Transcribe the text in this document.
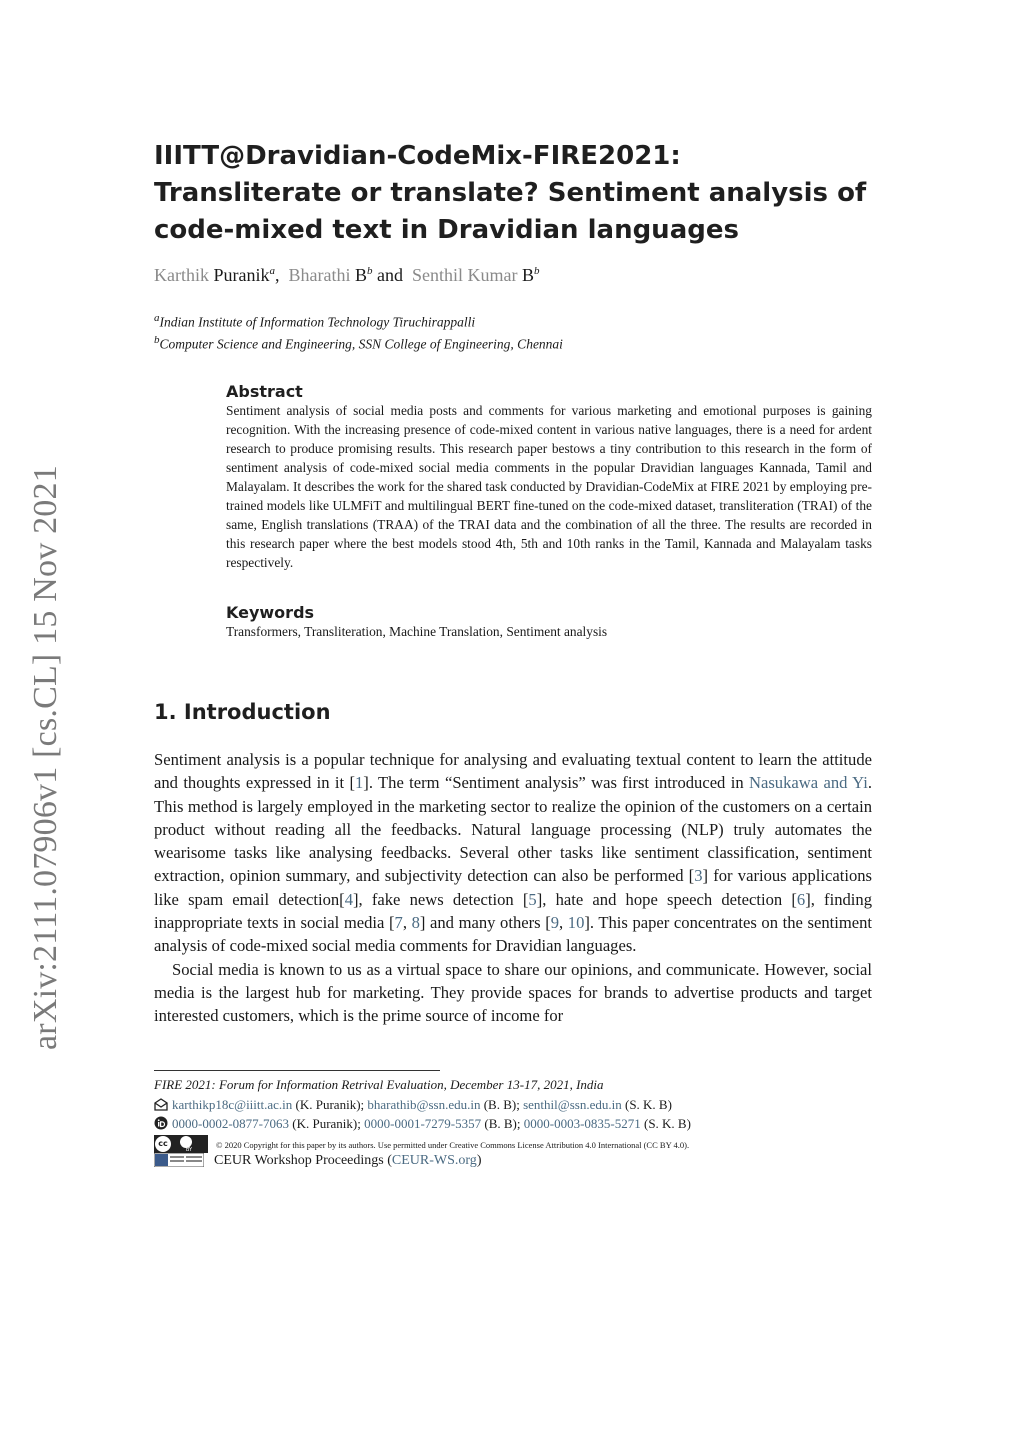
arXiv:2111.07906v1 [cs.CL] 15 Nov 2021
IIITT@Dravidian-CodeMix-FIRE2021: Transliterate or translate? Sentiment analysis of code-mixed text in Dravidian languages
Karthik Puranik$^a$,  Bharathi $B^b$ and Senthil Kumar $B^b$
$^a$Indian Institute of Information Technology Tiruchirappalli
$^b$Computer Science and Engineering, SSN College of Engineering, Chennai
Abstract

Sentiment analysis of social media posts and comments for various marketing and emotional purposes is gaining recognition. With the increasing presence of code-mixed content in various native languages, there is a need for ardent research to produce promising results. This research paper bestows a tiny contribution to this research in the form of sentiment analysis of code-mixed social media comments in the popular Dravidian languages Kannada, Tamil and Malayalam. It describes the work for the shared task conducted by Dravidian-CodeMix at FIRE 2021 by employing pre-trained models like ULMFiT and multilingual BERT fine-tuned on the code-mixed dataset, transliteration (TRAI) of the same, English translations (TRAA) of the TRAI data and the combination of all the three. The results are recorded in this research paper where the best models stood 4th, 5th and 10th ranks in the Tamil, Kannada and Malayalam tasks respectively.

Keywords

Transformers, Transliteration, Machine Translation, Sentiment analysis

1. Introduction

Sentiment analysis is a popular technique for analysing and evaluating textual content to learn the attitude and thoughts expressed in it [1]. The term “Sentiment analysis” was first introduced in Nasukawa and Yi. This method is largely employed in the marketing sector to realize the opinion of the customers on a certain product without reading all the feedbacks. Natural language processing (NLP) truly automates the wearisome tasks like analysing feedbacks. Several other tasks like sentiment classification, sentiment extraction, opinion summary, and subjectivity detection can also be performed [3] for various applications like spam email detection[4], fake news detection [5], hate and hope speech detection [6], finding inappropriate texts in social media [7, 8] and many others [9, 10]. This paper concentrates on the sentiment analysis of code-mixed social media comments for Dravidian languages.

Social media is known to us as a virtual space to share our opinions, and communicate. However, social media is the largest hub for marketing. They provide spaces for brands to advertise products and target interested customers, which is the prime source of income for

FIRE 2021: Forum for Information Retrival Evaluation, December 13-17, 2021, India
karthikp18c@iiitt.ac.in (K. Puranik); bharathib@ssn.edu.in (B. B); senthil@ssn.edu.in (S. K. B)
0000-0002-0877-7063 (K. Puranik); 0000-0001-7279-5357 (B. B); 0000-0003-0835-5271 (S. K. B)
cc
BY	© 2020 Copyright for this paper by its authors. Use permitted under Creative Commons License Attribution 4.0 International (CC BY 4.0).
CEUR Workshop Proceedings (CEUR-WS.org)
